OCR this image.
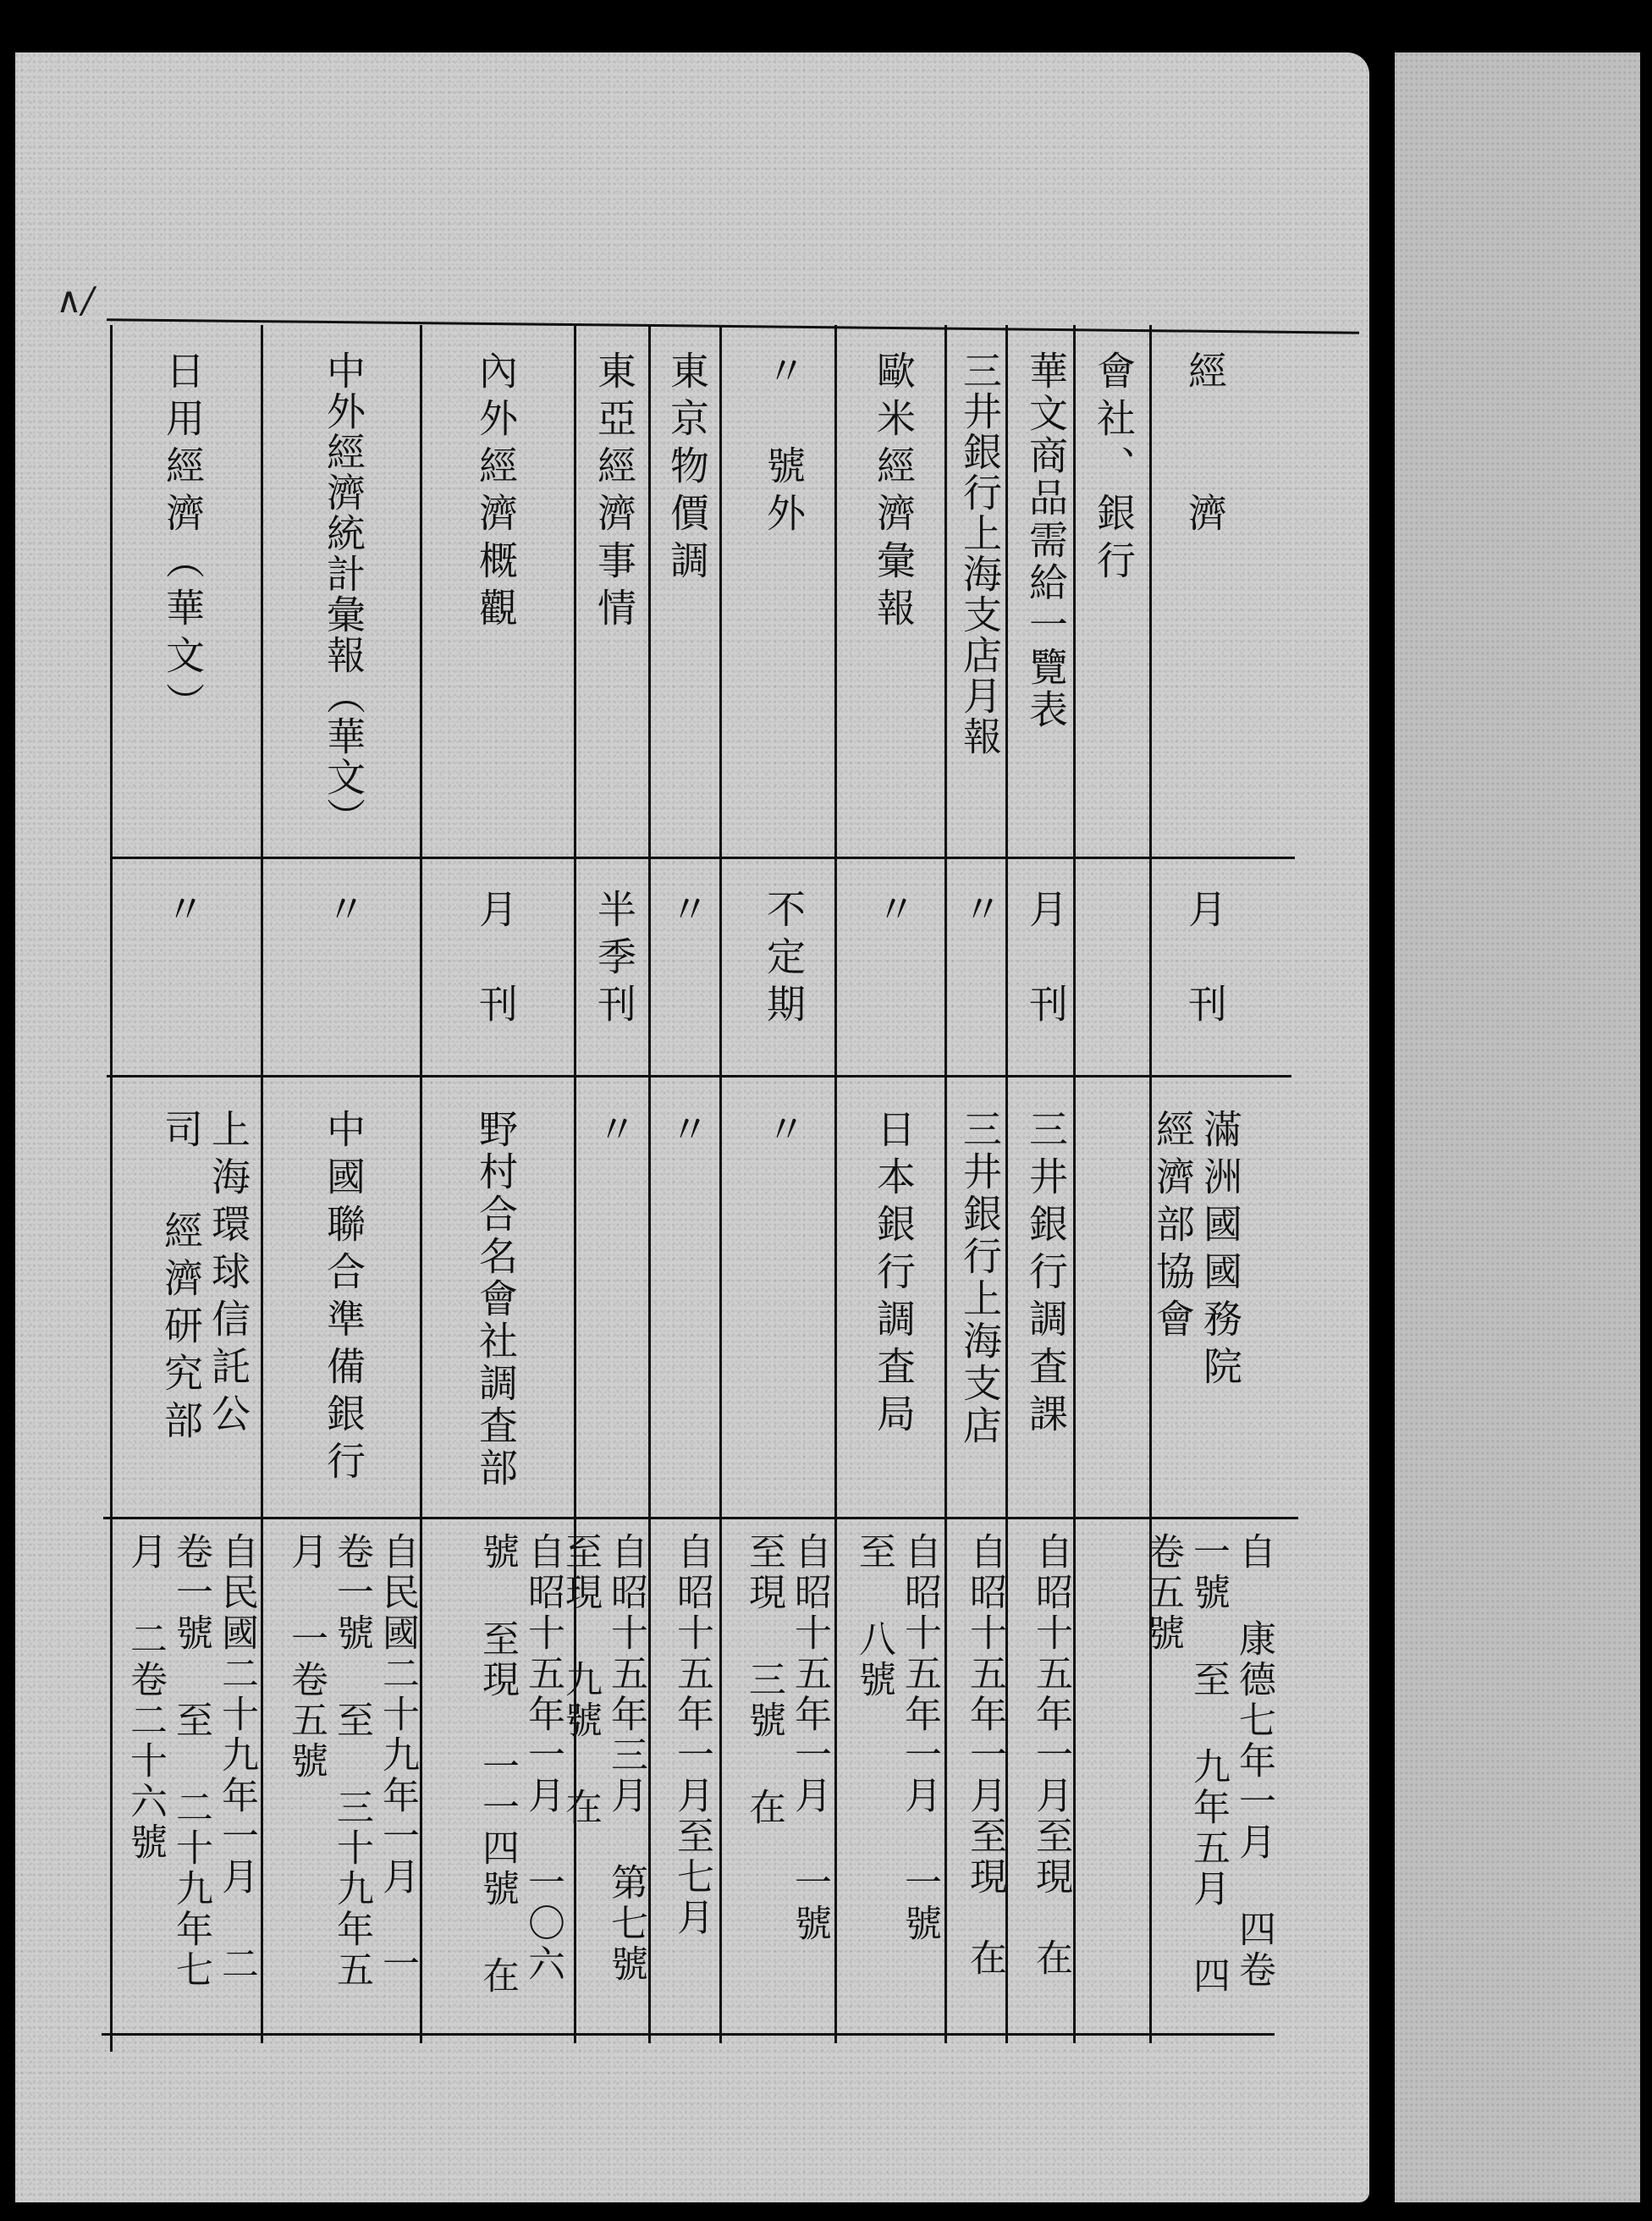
∧/
經　　濟
月　刊
滿洲國國務院 經濟部協會
自 康德七年一月 四卷一號 至 九年五月 四卷五號
會社、銀行
華文商品需給一覽表
月　刊
三井銀行調査課
自昭十五年一月至現　在
三井銀行上海支店月報
〃
三井銀行上海支店
自昭十五年一月至現　在
歐米經濟彙報
〃
日本銀行調査局
自昭十五年一月 一號 至 八號
〃　號外
不定期
〃
自昭十五年一月 一號 至現 三號 在
東京物價調
〃
〃
自昭十五年一月至七月
東亞經濟事情
半季刊
〃
自昭十五年三月 第七號 至現 九號 在
內外經濟概觀
月　刊
野村合名會社調査部
自昭十五年一月 一〇六號 至現 一一四號 在
中外經濟統計彙報（華文）
〃
中國聯合準備銀行
自民國二十九年一月 一卷一號 至 三十九年五月 一卷五號
日用經濟（華文）
〃
上海環球信託公司 經濟研究部
自民國二十九年一月 二卷一號 至 二十九年七月 二卷二十六號
